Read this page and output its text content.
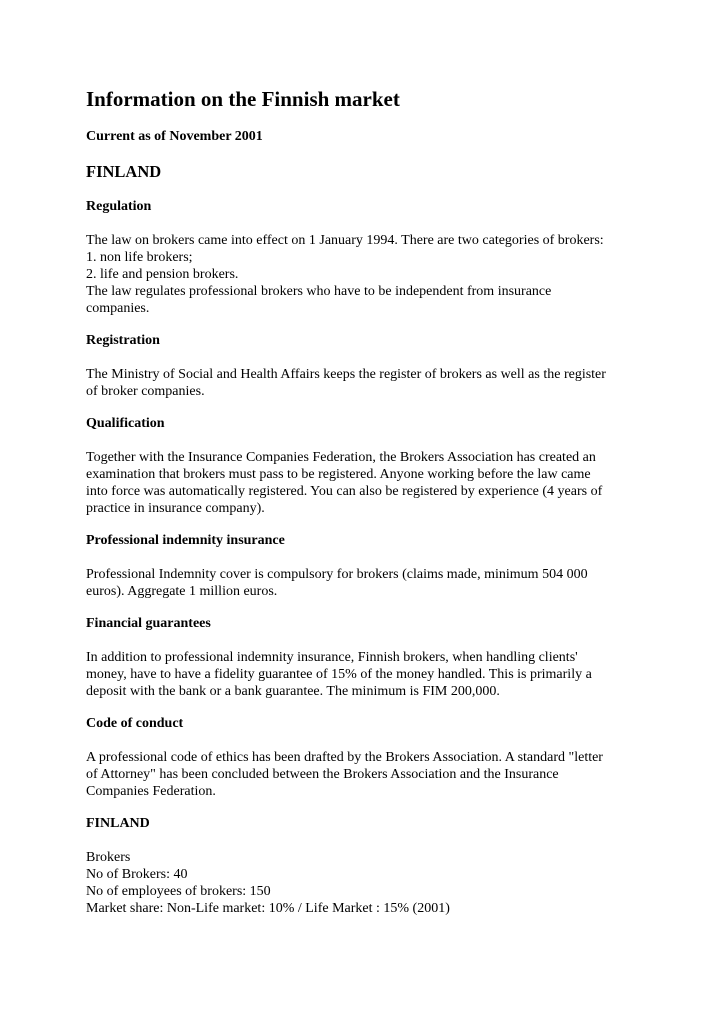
Information on the Finnish market
Current as of November 2001
FINLAND
Regulation
The law on brokers came into effect on 1 January 1994. There are two categories of brokers:
1. non life brokers;
2. life and pension brokers.
The law regulates professional brokers who have to be independent from insurance
companies.
Registration
The Ministry of Social and Health Affairs keeps the register of brokers as well as the register
of broker companies.
Qualification
Together with the Insurance Companies Federation, the Brokers Association has created an
examination that brokers must pass to be registered. Anyone working before the law came
into force was automatically registered. You can also be registered by experience (4 years of
practice in insurance company).
Professional indemnity insurance
Professional Indemnity cover is compulsory for brokers (claims made, minimum 504 000
euros). Aggregate 1 million euros.
Financial guarantees
In addition to professional indemnity insurance, Finnish brokers, when handling clients'
money, have to have a fidelity guarantee of 15% of the money handled. This is primarily a
deposit with the bank or a bank guarantee. The minimum is FIM 200,000.
Code of conduct
A professional code of ethics has been drafted by the Brokers Association. A standard "letter
of Attorney" has been concluded between the Brokers Association and the Insurance
Companies Federation.
FINLAND
Brokers
No of Brokers: 40
No of employees of brokers: 150
Market share: Non-Life market: 10% / Life Market : 15% (2001)
